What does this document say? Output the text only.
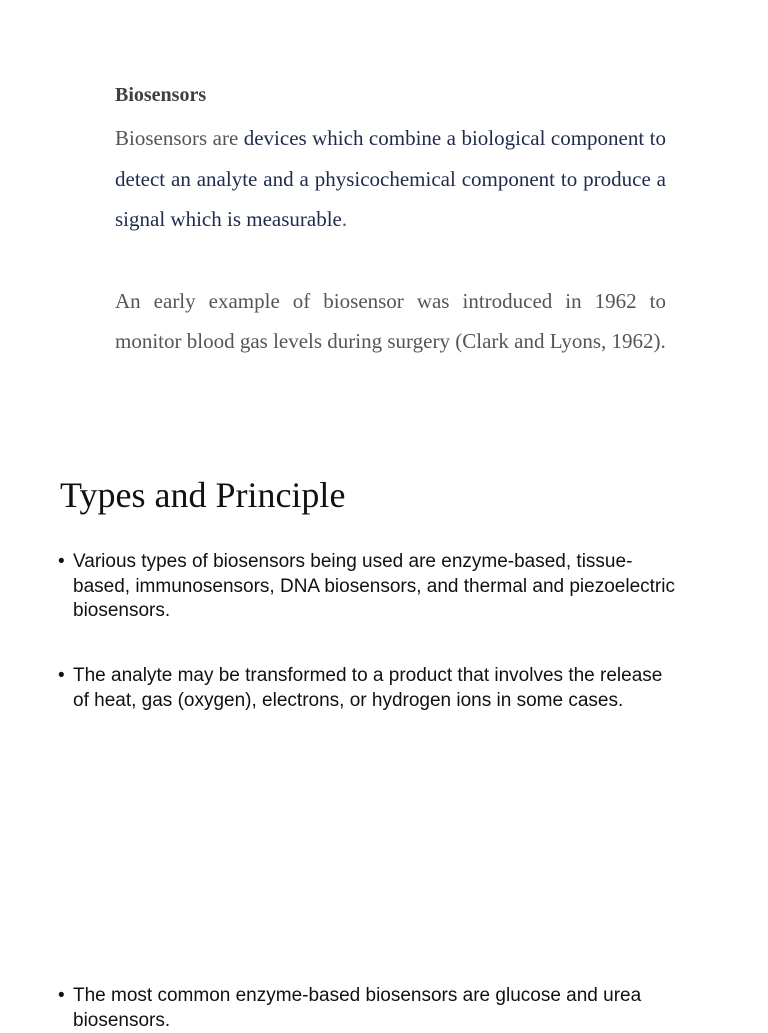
Biosensors

Biosensors are devices which combine a biological component to detect an analyte and a physicochemical component to produce a signal which is measurable.

An early example of biosensor was introduced in 1962 to monitor blood gas levels during surgery (Clark and Lyons, 1962).

Types and Principle
• Various types of biosensors being used are enzyme-based, tissue-based, immunosensors, DNA biosensors, and thermal and piezoelectric biosensors.
• The analyte may be transformed to a product that involves the release of heat, gas (oxygen), electrons, or hydrogen ions in some cases.
• The most common enzyme-based biosensors are glucose and urea biosensors.
